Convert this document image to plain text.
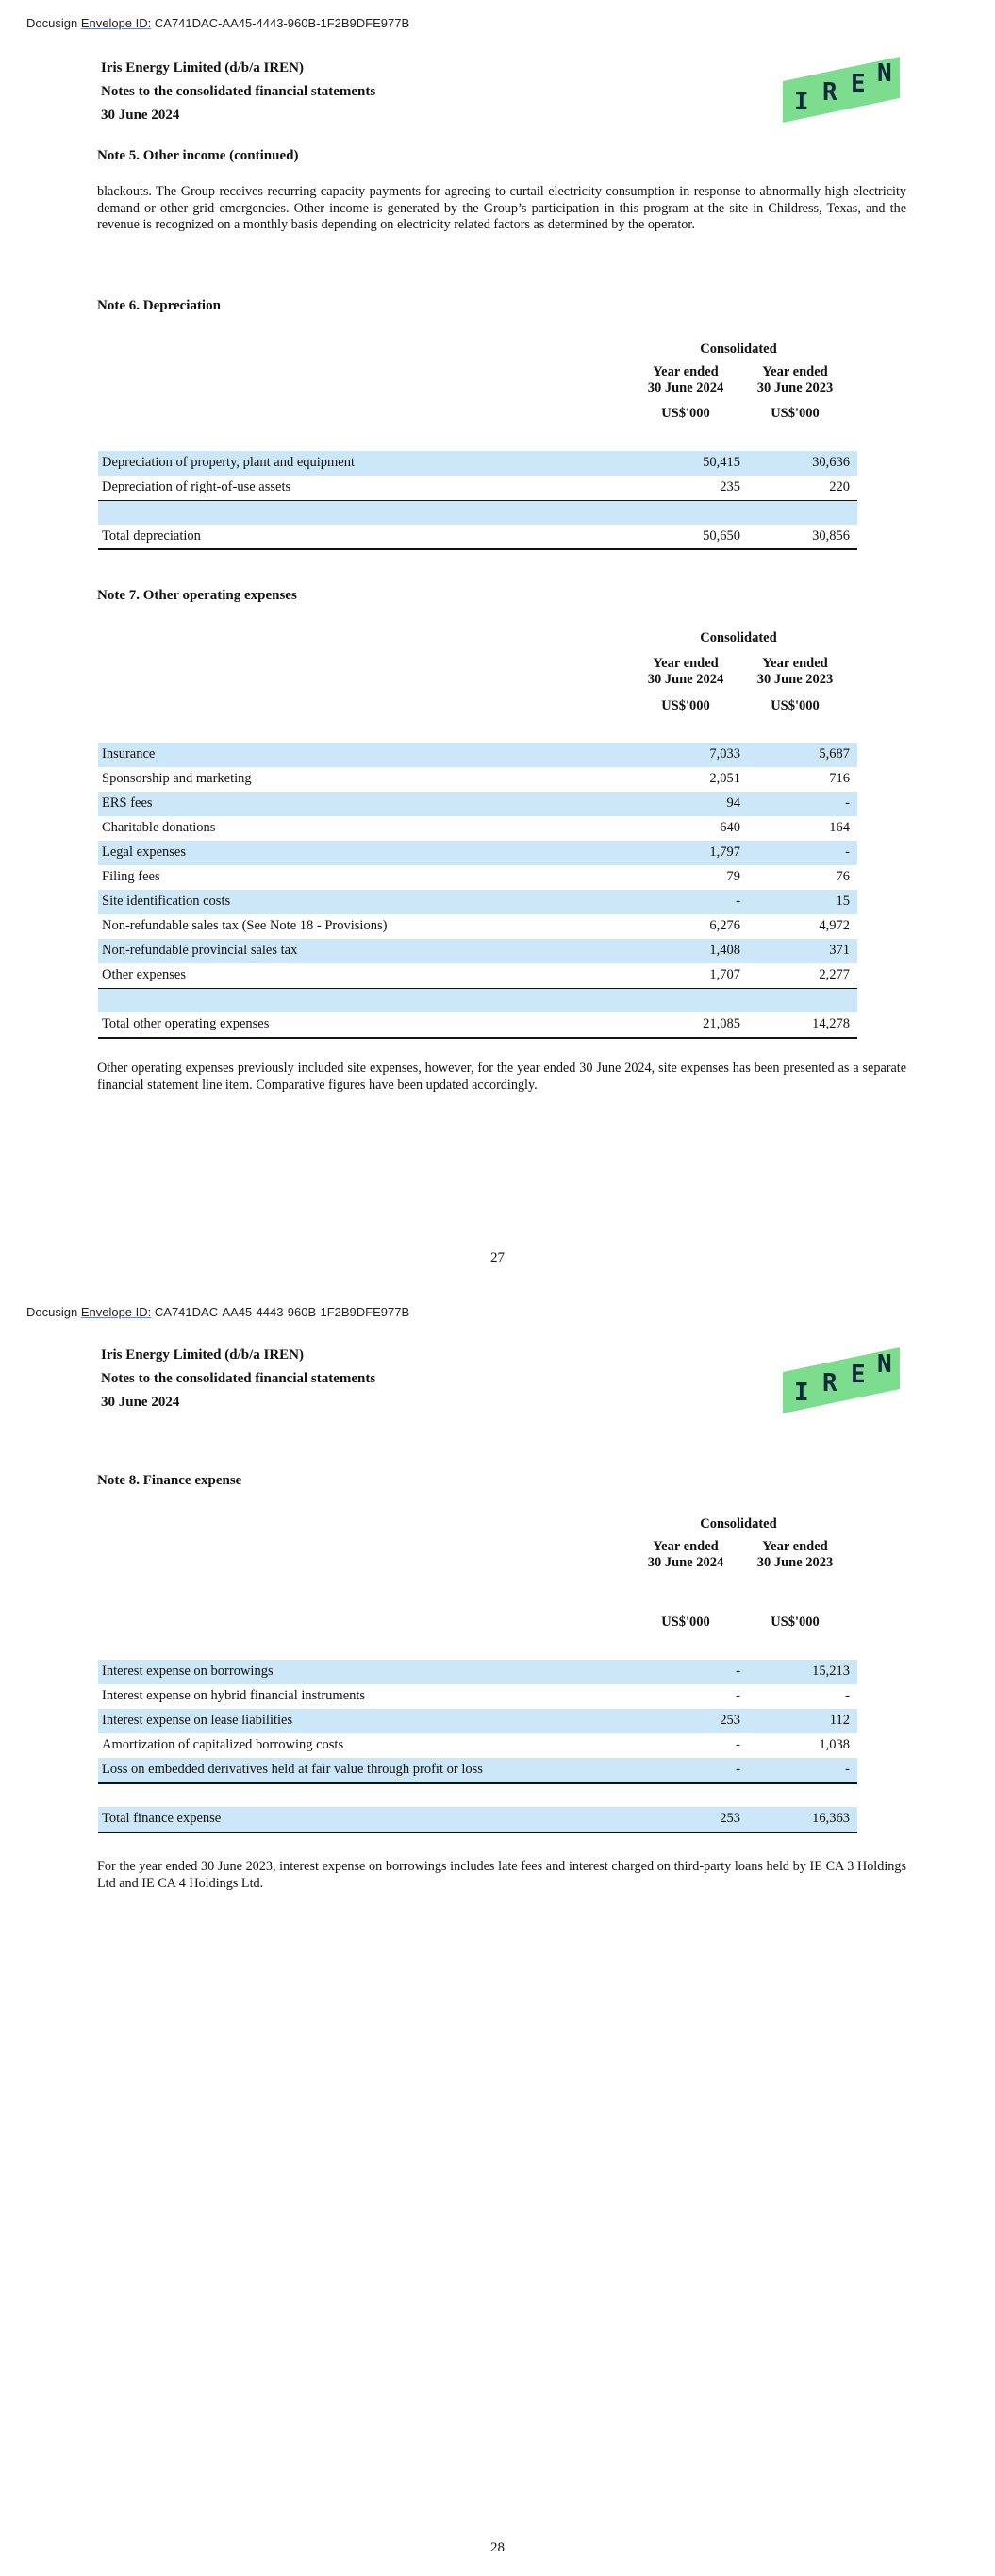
Docusign Envelope ID: CA741DAC-AA45-4443-960B-1F2B9DFE977B
Iris Energy Limited (d/b/a IREN)
Notes to the consolidated financial statements
30 June 2024	I R E N
Note 5. Other income (continued)
blackouts. The Group receives recurring capacity payments for agreeing to curtail electricity consumption in response to abnormally high electricity demand or other grid emergencies. Other income is generated by the Group’s participation in this program at the site in Childress, Texas, and the revenue is recognized on a monthly basis depending on electricity related factors as determined by the operator.
Note 6. Depreciation
Consolidated
Year ended
30 June 2024
Year ended
30 June 2023
US$'000	US$'000
Depreciation of property, plant and equipment	50,415	30,636
Depreciation of right-of-use assets	235	220
Total depreciation	50,650	30,856
Note 7. Other operating expenses
Consolidated
Year ended
30 June 2024
Year ended
30 June 2023
US$'000	US$'000
Insurance	7,033	5,687
Sponsorship and marketing	2,051	716
ERS fees	94	-
Charitable donations	640	164
Legal expenses	1,797	-
Filing fees	79	76
Site identification costs	-	15
Non-refundable sales tax (See Note 18 - Provisions)	6,276	4,972
Non-refundable provincial sales tax	1,408	371
Other expenses	1,707	2,277
Total other operating expenses	21,085	14,278
Other operating expenses previously included site expenses, however, for the year ended 30 June 2024, site expenses has been presented as a separate financial statement line item. Comparative figures have been updated accordingly.
27
Docusign Envelope ID: CA741DAC-AA45-4443-960B-1F2B9DFE977B
Iris Energy Limited (d/b/a IREN)
Notes to the consolidated financial statements
30 June 2024	I R E N
Note 8. Finance expense
Consolidated
Year ended
30 June 2024
Year ended
30 June 2023
US$'000	US$'000
Interest expense on borrowings	-	15,213
Interest expense on hybrid financial instruments	-	-
Interest expense on lease liabilities	253	112
Amortization of capitalized borrowing costs	-	1,038
Loss on embedded derivatives held at fair value through profit or loss	-	-
Total finance expense	253	16,363
For the year ended 30 June 2023, interest expense on borrowings includes late fees and interest charged on third-party loans held by IE CA 3 Holdings Ltd and IE CA 4 Holdings Ltd.
28
